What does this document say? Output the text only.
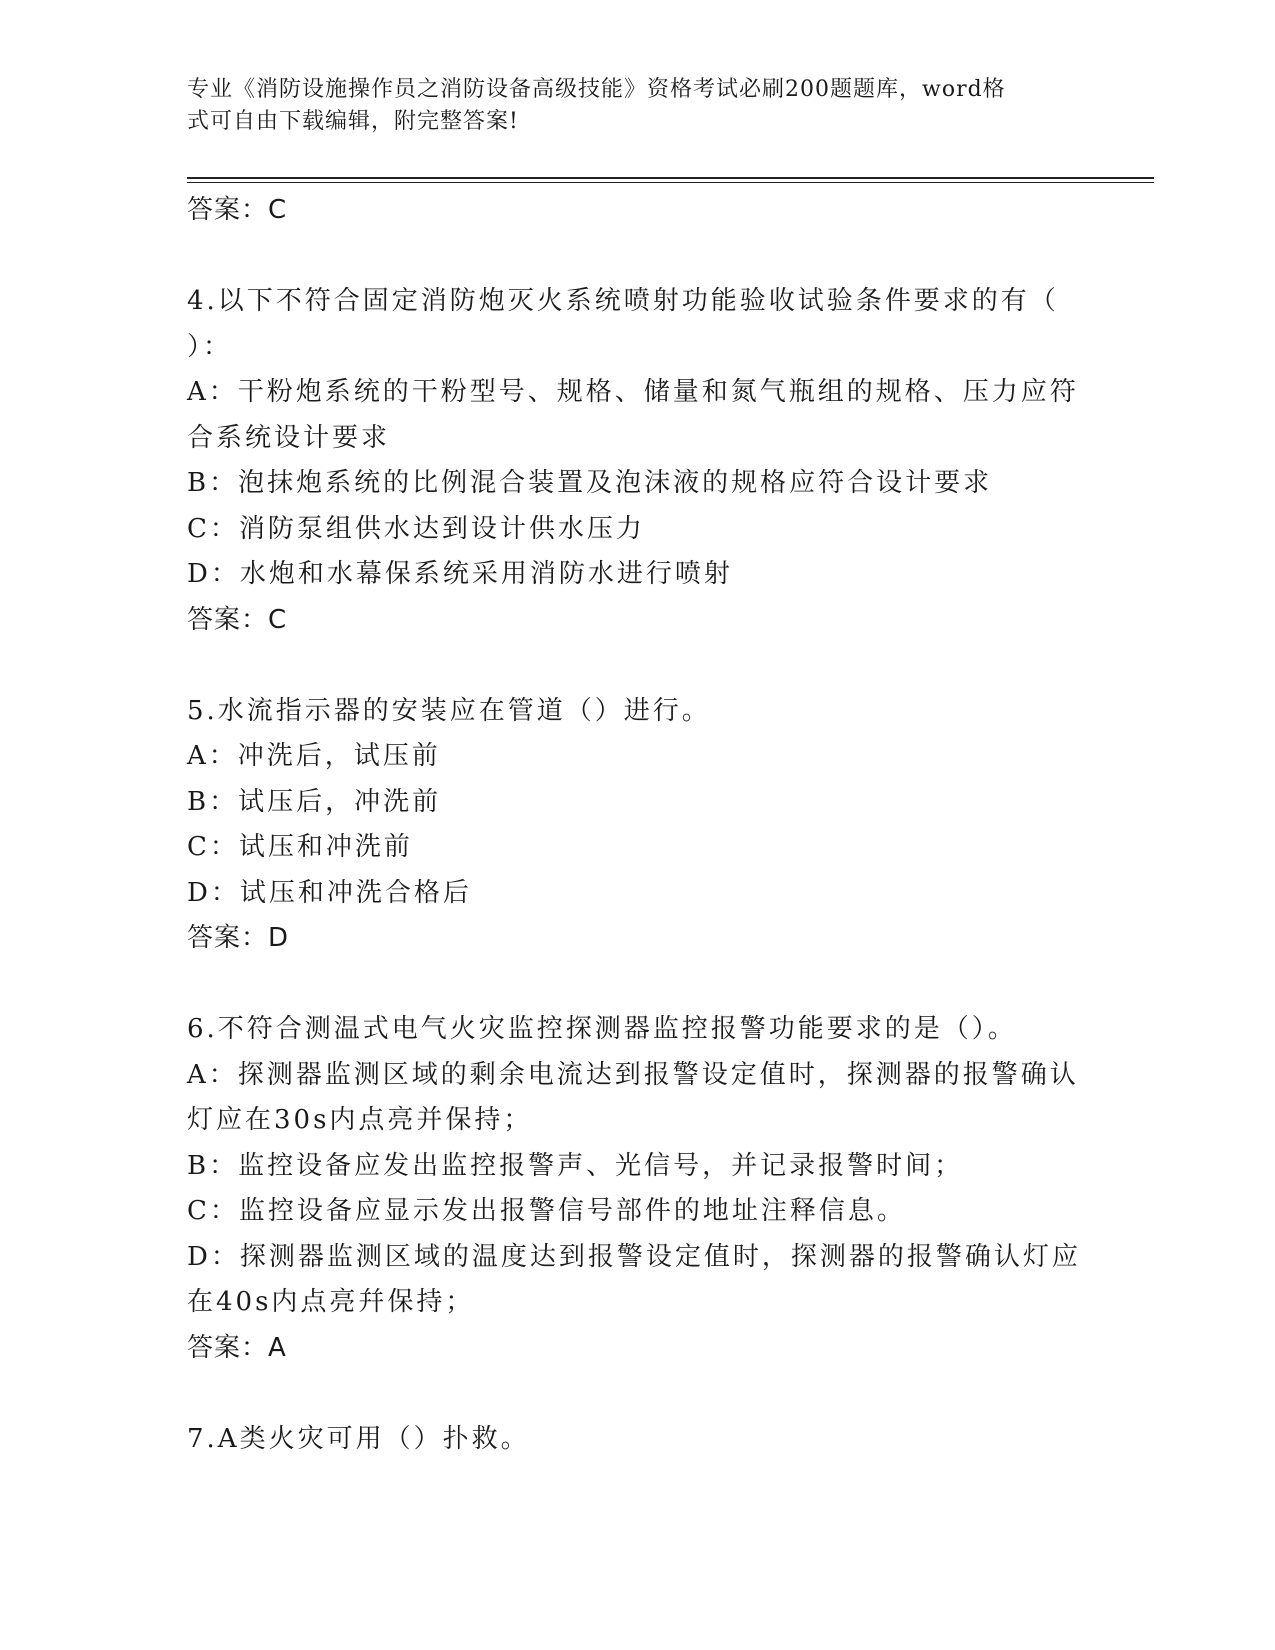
专业《消防设施操作员之消防设备高级技能》资格考试必刷200题题库，word格
式可自由下载编辑，附完整答案!
答案：C
4.以下不符合固定消防炮灭火系统喷射功能验收试验条件要求的有（
）：
A：干粉炮系统的干粉型号、规格、储量和氮气瓶组的规格、压力应符
合系统设计要求
B：泡抹炮系统的比例混合装置及泡沫液的规格应符合设计要求
C：消防泵组供水达到设计供水压力
D：水炮和水幕保系统采用消防水进行喷射
答案：C
5.水流指示器的安装应在管道（）进行。
A：冲洗后，试压前
B：试压后，冲洗前
C：试压和冲洗前
D：试压和冲洗合格后
答案：D
6.不符合测温式电气火灾监控探测器监控报警功能要求的是（）。
A：探测器监测区域的剩余电流达到报警设定值时，探测器的报警确认
灯应在30s内点亮并保持；
B：监控设备应发出监控报警声、光信号，并记录报警时间；
C：监控设备应显示发出报警信号部件的地址注释信息。
D：探测器监测区域的温度达到报警设定值时，探测器的报警确认灯应
在40s内点亮幷保持；
答案：A
7.A类火灾可用（）扑救。
